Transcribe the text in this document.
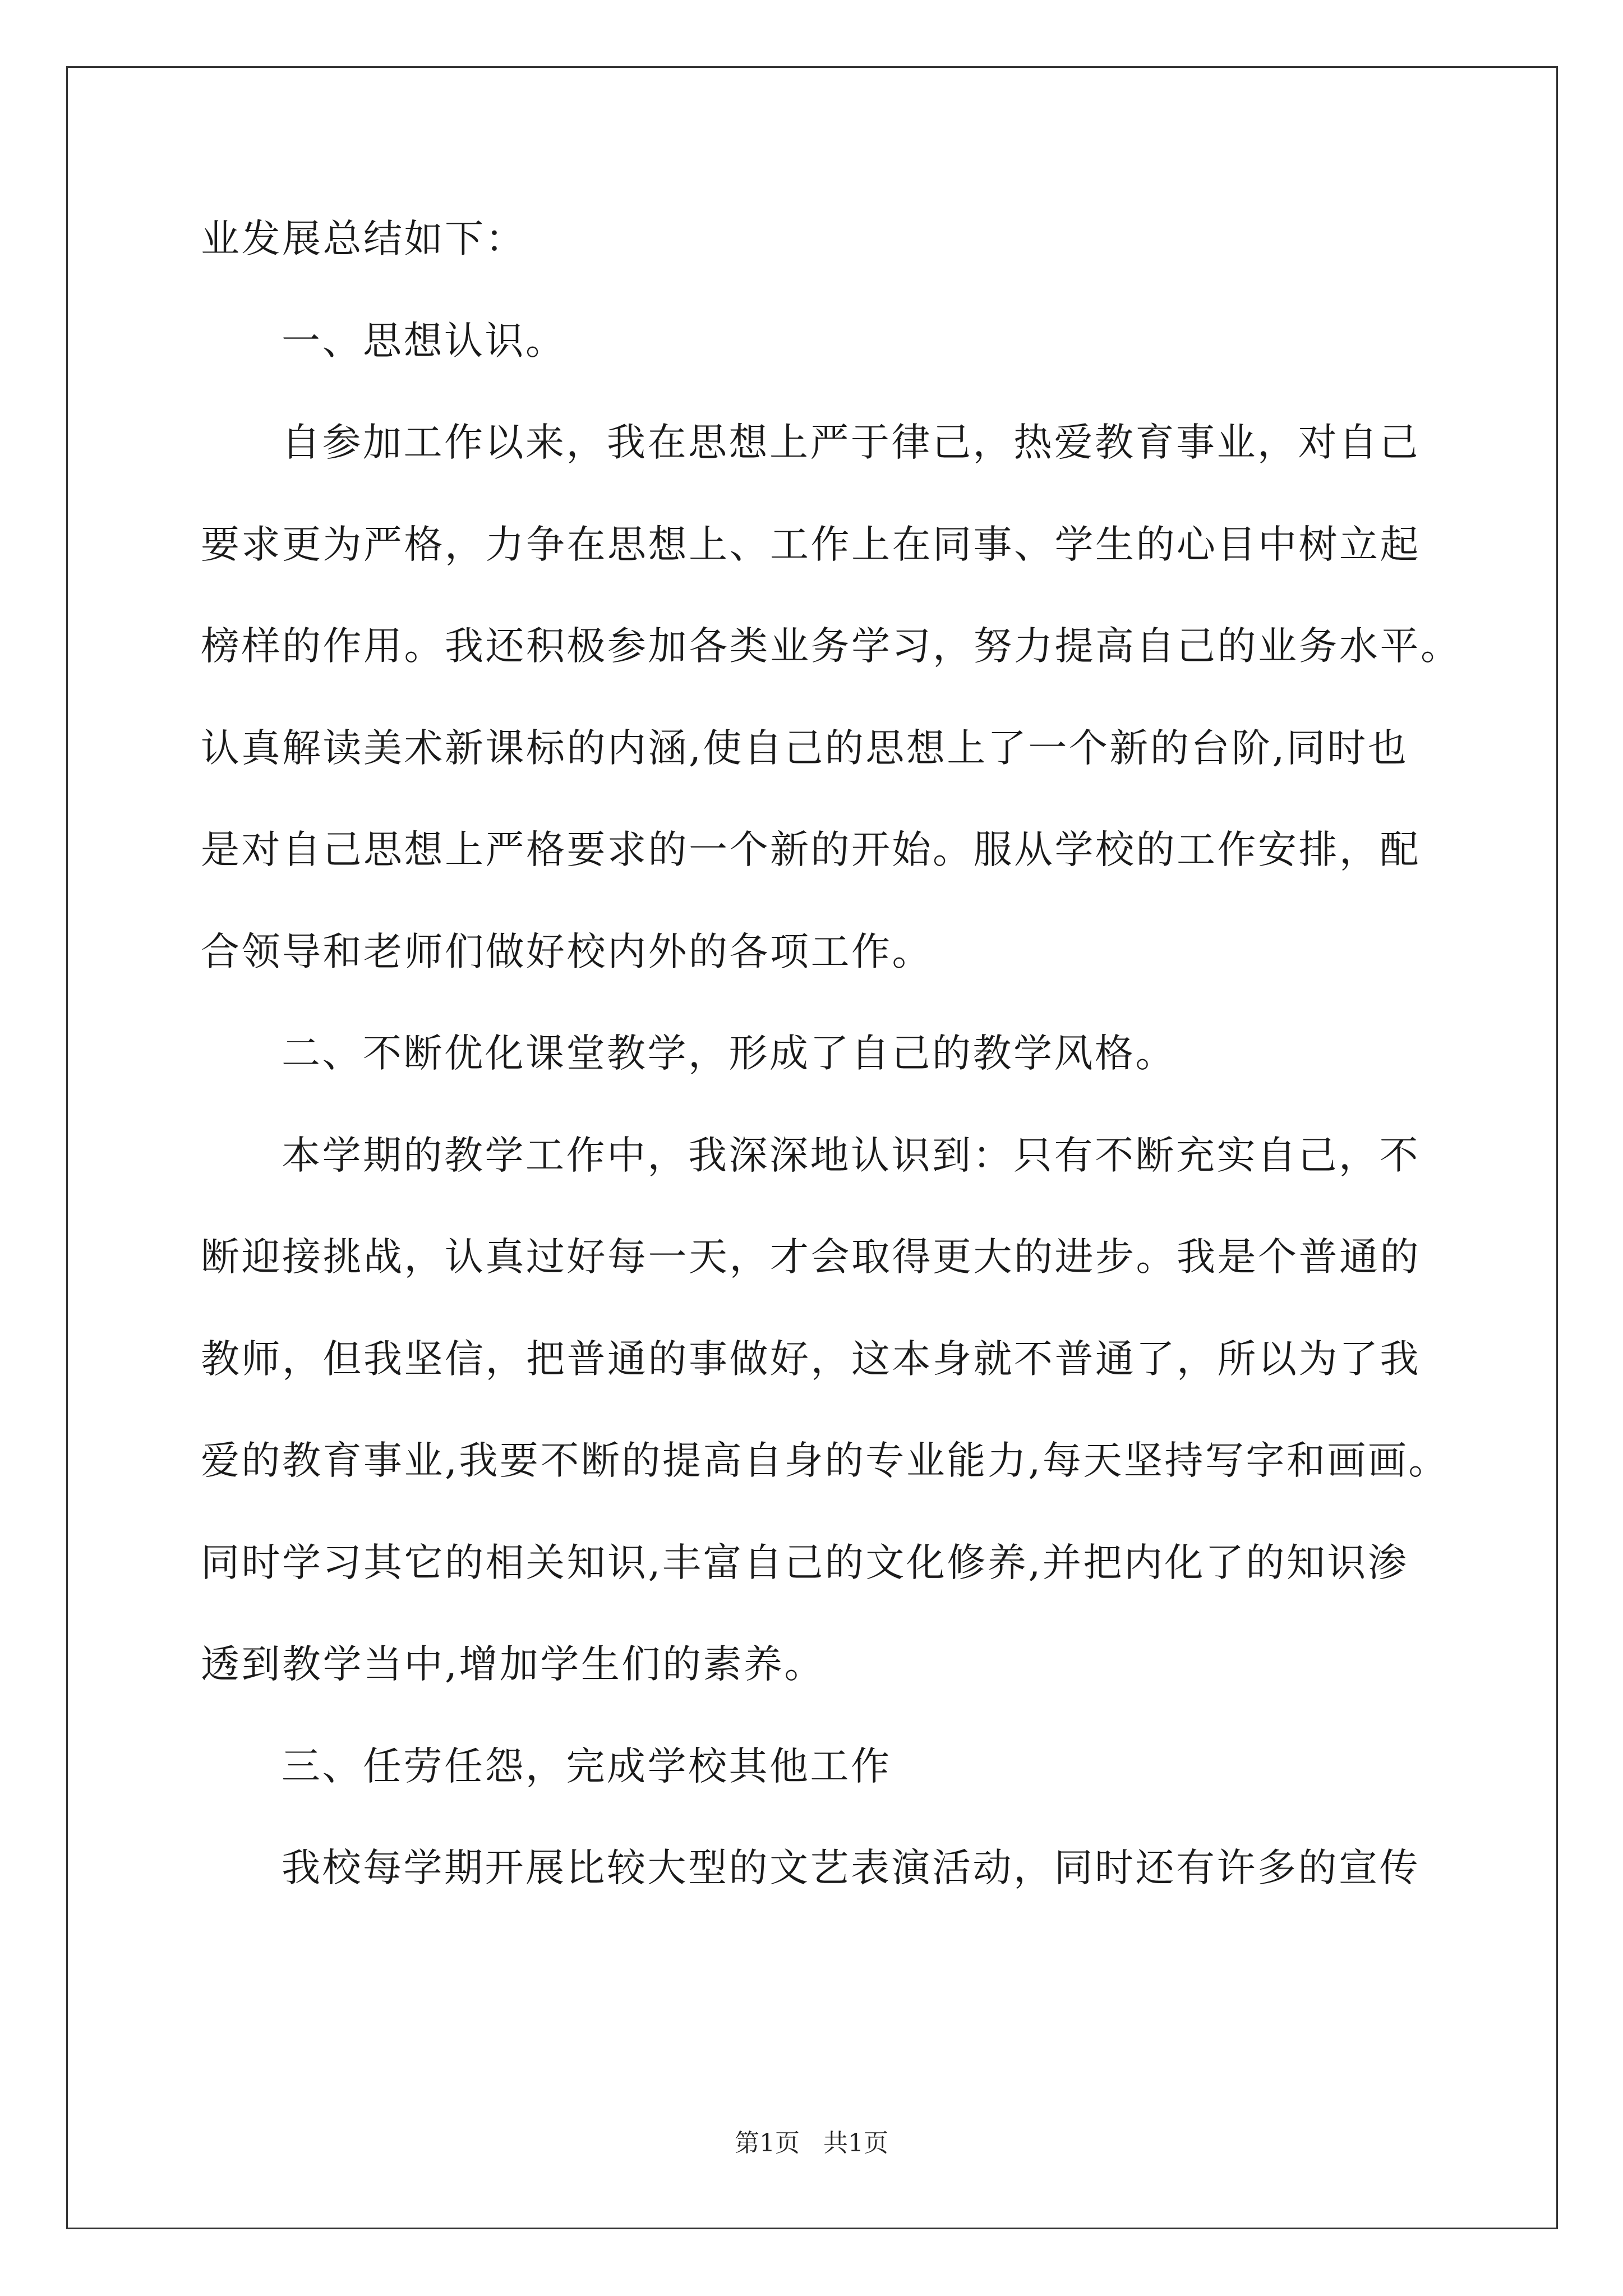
业发展总结如下：
一、思想认识。
自参加工作以来，我在思想上严于律己，热爱教育事业，对自己
要求更为严格，力争在思想上、工作上在同事、学生的心目中树立起
榜样的作用。我还积极参加各类业务学习，努力提高自己的业务水平。
认真解读美术新课标的内涵,使自己的思想上了一个新的台阶,同时也
是对自己思想上严格要求的一个新的开始。服从学校的工作安排，配
合领导和老师们做好校内外的各项工作。
二、不断优化课堂教学，形成了自己的教学风格。
本学期的教学工作中，我深深地认识到：只有不断充实自己，不
断迎接挑战，认真过好每一天，才会取得更大的进步。我是个普通的
教师，但我坚信，把普通的事做好，这本身就不普通了，所以为了我
爱的教育事业,我要不断的提高自身的专业能力,每天坚持写字和画画。
同时学习其它的相关知识,丰富自己的文化修养,并把内化了的知识渗
透到教学当中,增加学生们的素养。
三、任劳任怨，完成学校其他工作
我校每学期开展比较大型的文艺表演活动，同时还有许多的宣传
第1页   共1页
